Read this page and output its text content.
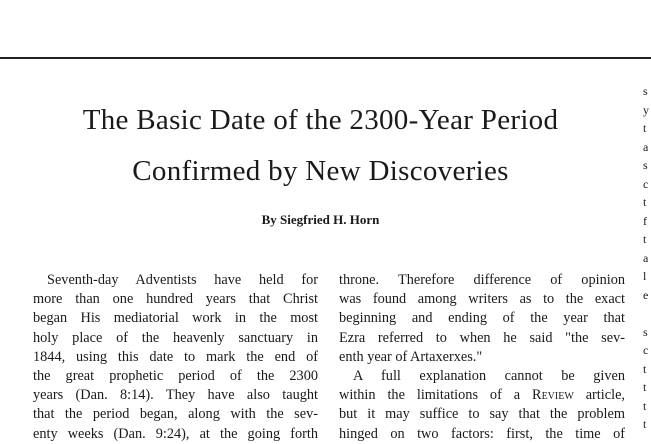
The Basic Date of the 2300-Year Period
Confirmed by New Discoveries
By Siegfried H. Horn
Seventh-day Adventists have held for
more than one hundred years that Christ
began His mediatorial work in the most
holy place of the heavenly sanctuary in
1844, using this date to mark the end of
the great prophetic period of the 2300
years (Dan. 8:14). They have also taught
that the period began, along with the sev-
enty weeks (Dan. 9:24), at the going forth
throne. Therefore difference of opinion
was found among writers as to the exact
beginning and ending of the year that
Ezra referred to when he said "the sev-
enth year of Artaxerxes."
A full explanation cannot be given
within the limitations of a Review article,
but it may suffice to say that the problem
hinged on two factors: first, the time of
s
y
t
a
s
c
t
f
t
a
l
e

s
c
t
t
t
t
